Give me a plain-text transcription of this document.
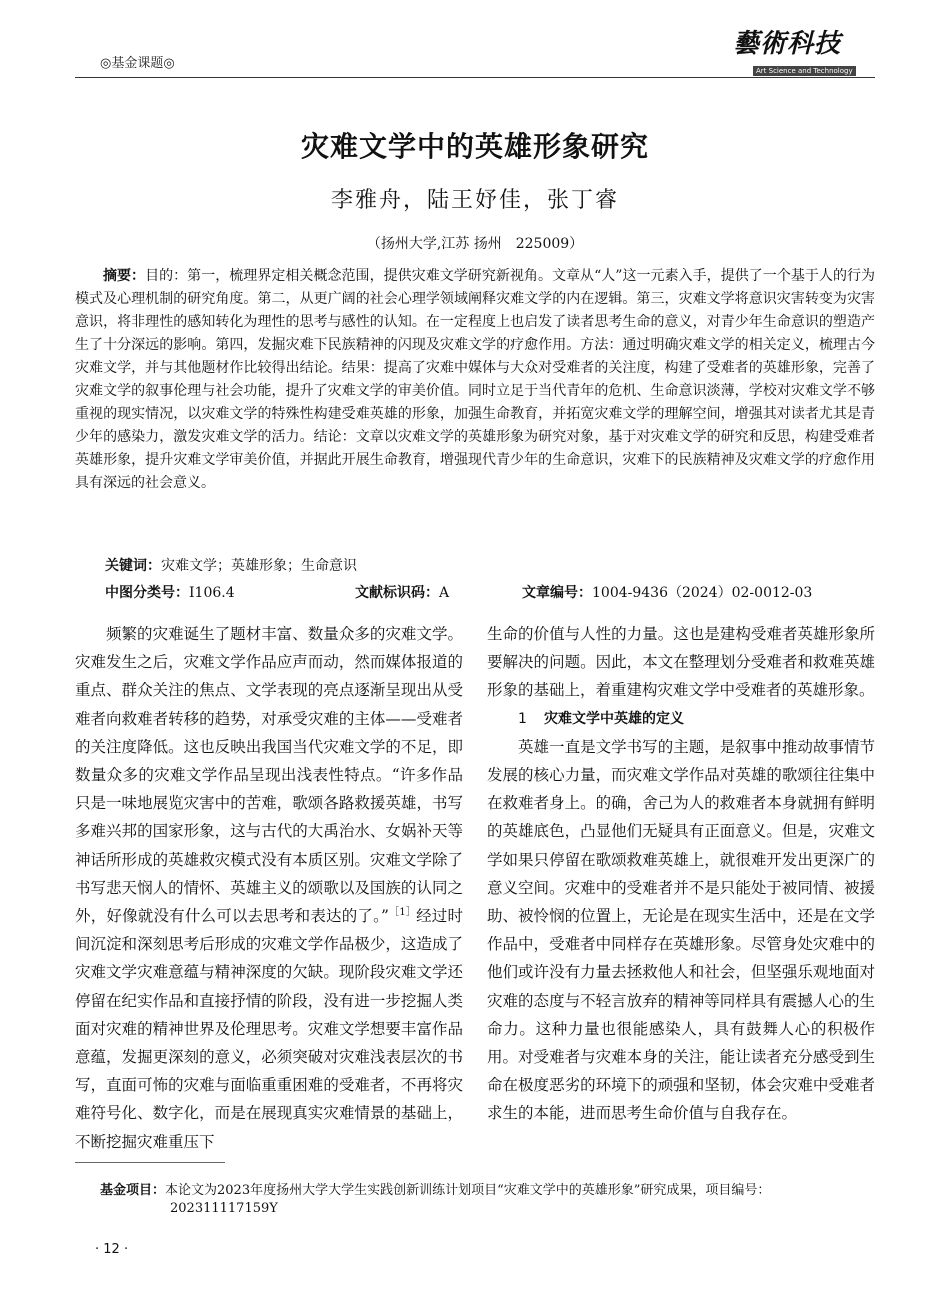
◎基金课题◎
藝術科技
Art Science and Technology
灾难文学中的英雄形象研究
李雅舟，陆王妤佳，张丁睿
（扬州大学,江苏 扬州　225009）
摘要：目的：第一，梳理界定相关概念范围，提供灾难文学研究新视角。文章从“人”这一元素入手，提供了一个基于人的行为模式及心理机制的研究角度。第二，从更广阔的社会心理学领域阐释灾难文学的内在逻辑。第三，灾难文学将意识灾害转变为灾害意识，将非理性的感知转化为理性的思考与感性的认知。在一定程度上也启发了读者思考生命的意义，对青少年生命意识的塑造产生了十分深远的影响。第四，发掘灾难下民族精神的闪现及灾难文学的疗愈作用。方法：通过明确灾难文学的相关定义，梳理古今灾难文学，并与其他题材作比较得出结论。结果：提高了灾难中媒体与大众对受难者的关注度，构建了受难者的英雄形象，完善了灾难文学的叙事伦理与社会功能，提升了灾难文学的审美价值。同时立足于当代青年的危机、生命意识淡薄，学校对灾难文学不够重视的现实情况，以灾难文学的特殊性构建受难英雄的形象，加强生命教育，并拓宽灾难文学的理解空间，增强其对读者尤其是青少年的感染力，激发灾难文学的活力。结论：文章以灾难文学的英雄形象为研究对象，基于对灾难文学的研究和反思，构建受难者英雄形象，提升灾难文学审美价值，并据此开展生命教育，增强现代青少年的生命意识，灾难下的民族精神及灾难文学的疗愈作用具有深远的社会意义。
关键词：灾难文学；英雄形象；生命意识
中图分类号：I106.4	文献标识码：A	文章编号：1004-9436（2024）02-0012-03

频繁的灾难诞生了题材丰富、数量众多的灾难文学。灾难发生之后，灾难文学作品应声而动，然而媒体报道的重点、群众关注的焦点、文学表现的亮点逐渐呈现出从受难者向救难者转移的趋势，对承受灾难的主体——受难者的关注度降低。这也反映出我国当代灾难文学的不足，即数量众多的灾难文学作品呈现出浅表性特点。“许多作品只是一味地展览灾害中的苦难，歌颂各路救援英雄，书写多难兴邦的国家形象，这与古代的大禹治水、女娲补天等神话所形成的英雄救灾模式没有本质区别。灾难文学除了书写悲天悯人的情怀、英雄主义的颂歌以及国族的认同之外，好像就没有什么可以去思考和表达的了。”$^{[1]}$经过时间沉淀和深刻思考后形成的灾难文学作品极少，这造成了灾难文学灾难意蕴与精神深度的欠缺。现阶段灾难文学还停留在纪实作品和直接抒情的阶段，没有进一步挖掘人类面对灾难的精神世界及伦理思考。灾难文学想要丰富作品意蕴，发掘更深刻的意义，必须突破对灾难浅表层次的书写，直面可怖的灾难与面临重重困难的受难者，不再将灾难符号化、数字化，而是在展现真实灾难情景的基础上，不断挖掘灾难重压下

生命的价值与人性的力量。这也是建构受难者英雄形象所要解决的问题。因此，本文在整理划分受难者和救难英雄形象的基础上，着重建构灾难文学中受难者的英雄形象。

1 灾难文学中英雄的定义

英雄一直是文学书写的主题，是叙事中推动故事情节发展的核心力量，而灾难文学作品对英雄的歌颂往往集中在救难者身上。的确，舍己为人的救难者本身就拥有鲜明的英雄底色，凸显他们无疑具有正面意义。但是，灾难文学如果只停留在歌颂救难英雄上，就很难开发出更深广的意义空间。灾难中的受难者并不是只能处于被同情、被援助、被怜悯的位置上，无论是在现实生活中，还是在文学作品中，受难者中同样存在英雄形象。尽管身处灾难中的他们或许没有力量去拯救他人和社会，但坚强乐观地面对灾难的态度与不轻言放弃的精神等同样具有震撼人心的生命力。这种力量也很能感染人，具有鼓舞人心的积极作用。对受难者与灾难本身的关注，能让读者充分感受到生命在极度恶劣的环境下的顽强和坚韧，体会灾难中受难者求生的本能，进而思考生命价值与自我存在。

基金项目：本论文为2023年度扬州大学大学生实践创新训练计划项目“灾难文学中的英雄形象”研究成果，项目编号：
202311117159Y
· 12 ·
